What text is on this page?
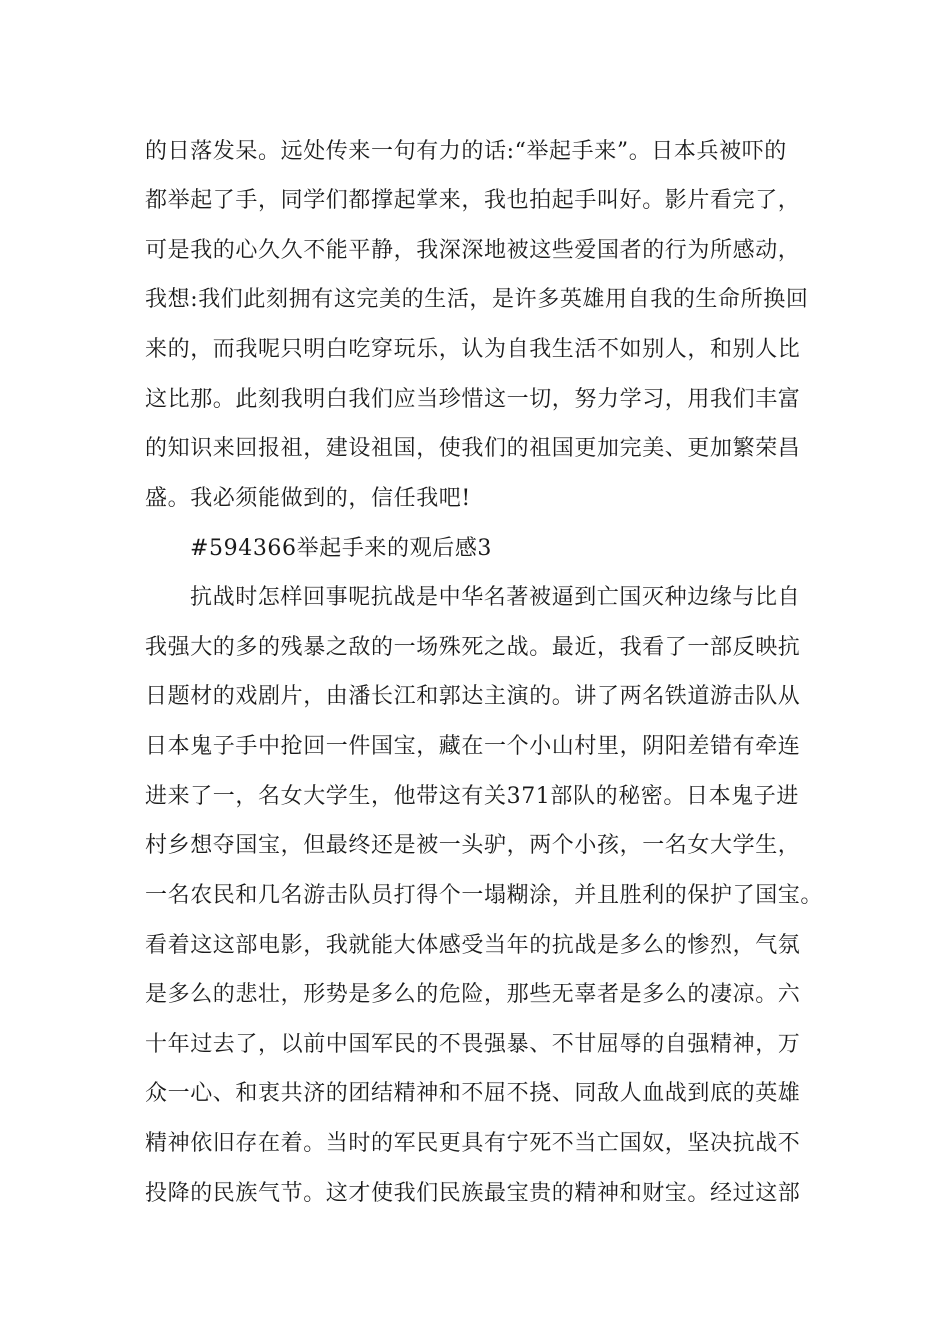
的日落发呆。远处传来一句有力的话:“举起手来”。日本兵被吓的
都举起了手，同学们都撑起掌来，我也拍起手叫好。影片看完了，
可是我的心久久不能平静，我深深地被这些爱国者的行为所感动，
我想:我们此刻拥有这完美的生活，是许多英雄用自我的生命所换回
来的，而我呢只明白吃穿玩乐，认为自我生活不如别人，和别人比
这比那。此刻我明白我们应当珍惜这一切，努力学习，用我们丰富
的知识来回报祖，建设祖国，使我们的祖国更加完美、更加繁荣昌
盛。我必须能做到的，信任我吧!
#594366举起手来的观后感3
抗战时怎样回事呢抗战是中华名著被逼到亡国灭种边缘与比自
我强大的多的残暴之敌的一场殊死之战。最近，我看了一部反映抗
日题材的戏剧片，由潘长江和郭达主演的。讲了两名铁道游击队从
日本鬼子手中抢回一件国宝，藏在一个小山村里，阴阳差错有牵连
进来了一，名女大学生，他带这有关371部队的秘密。日本鬼子进
村乡想夺国宝，但最终还是被一头驴，两个小孩，一名女大学生，
一名农民和几名游击队员打得个一塌糊涂，并且胜利的保护了国宝。
看着这这部电影，我就能大体感受当年的抗战是多么的惨烈，气氛
是多么的悲壮，形势是多么的危险，那些无辜者是多么的凄凉。六
十年过去了，以前中国军民的不畏强暴、不甘屈辱的自强精神，万
众一心、和衷共济的团结精神和不屈不挠、同敌人血战到底的英雄
精神依旧存在着。当时的军民更具有宁死不当亡国奴，坚决抗战不
投降的民族气节。这才使我们民族最宝贵的精神和财宝。经过这部
